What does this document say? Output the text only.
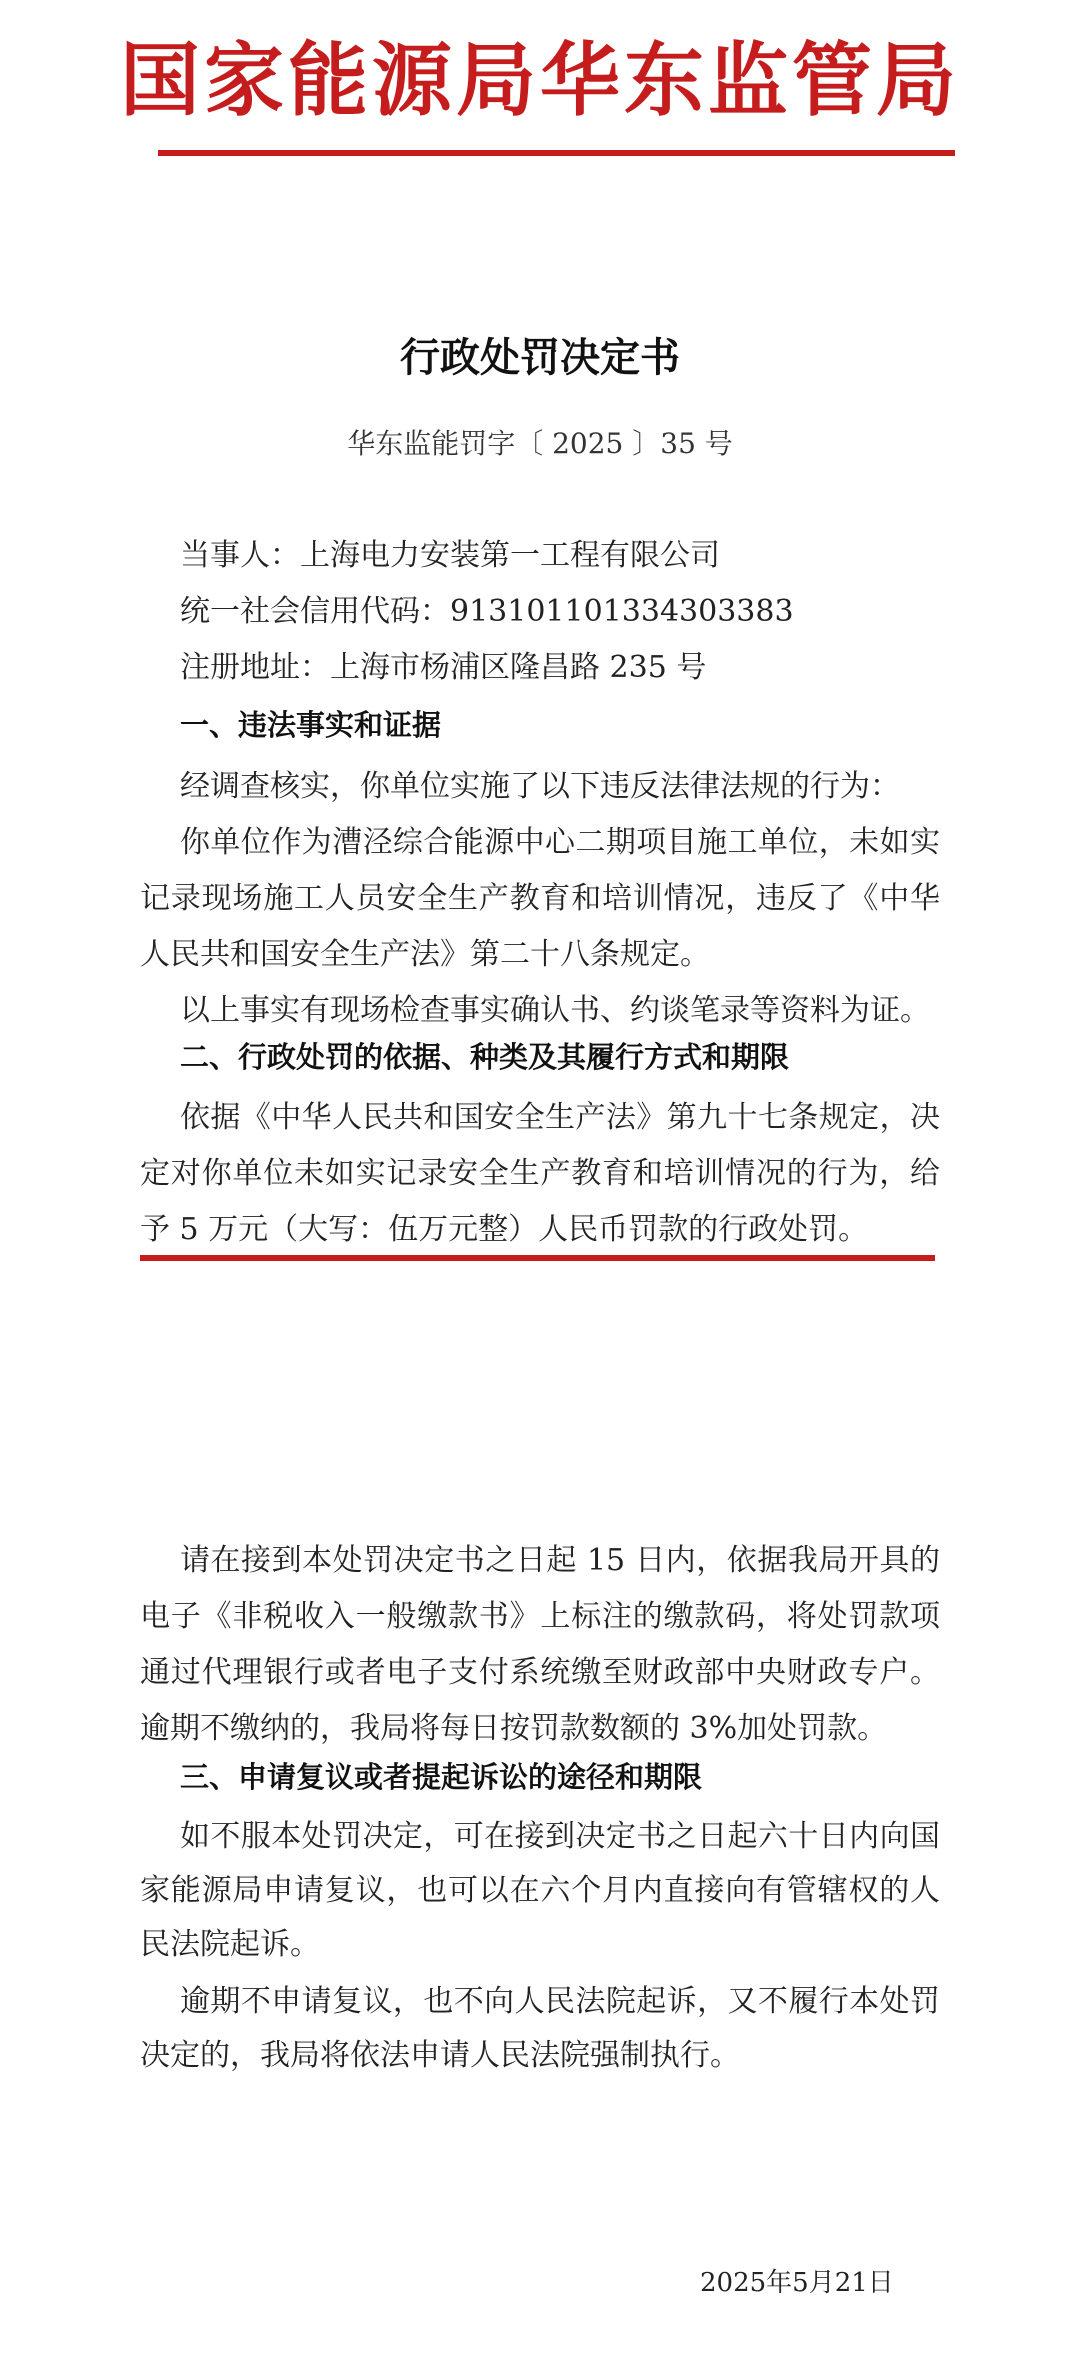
国家能源局华东监管局
行政处罚决定书
华东监能罚字〔 2025 〕35 号
当事人：上海电力安装第一工程有限公司
统一社会信用代码：913101101334303383
注册地址：上海市杨浦区隆昌路 235 号
一、违法事实和证据
经调查核实，你单位实施了以下违反法律法规的行为：
你单位作为漕泾综合能源中心二期项目施工单位，未如实记录现场施工人员安全生产教育和培训情况，违反了《中华人民共和国安全生产法》第二十八条规定。
以上事实有现场检查事实确认书、约谈笔录等资料为证。
二、行政处罚的依据、种类及其履行方式和期限
依据《中华人民共和国安全生产法》第九十七条规定，决定对你单位未如实记录安全生产教育和培训情况的行为，给予 5 万元（大写：伍万元整）人民币罚款的行政处罚。
请在接到本处罚决定书之日起 15 日内，依据我局开具的电子《非税收入一般缴款书》上标注的缴款码，将处罚款项通过代理银行或者电子支付系统缴至财政部中央财政专户。逾期不缴纳的，我局将每日按罚款数额的 3%加处罚款。
三、申请复议或者提起诉讼的途径和期限
如不服本处罚决定，可在接到决定书之日起六十日内向国家能源局申请复议，也可以在六个月内直接向有管辖权的人民法院起诉。
逾期不申请复议，也不向人民法院起诉，又不履行本处罚决定的，我局将依法申请人民法院强制执行。
2025年5月21日
